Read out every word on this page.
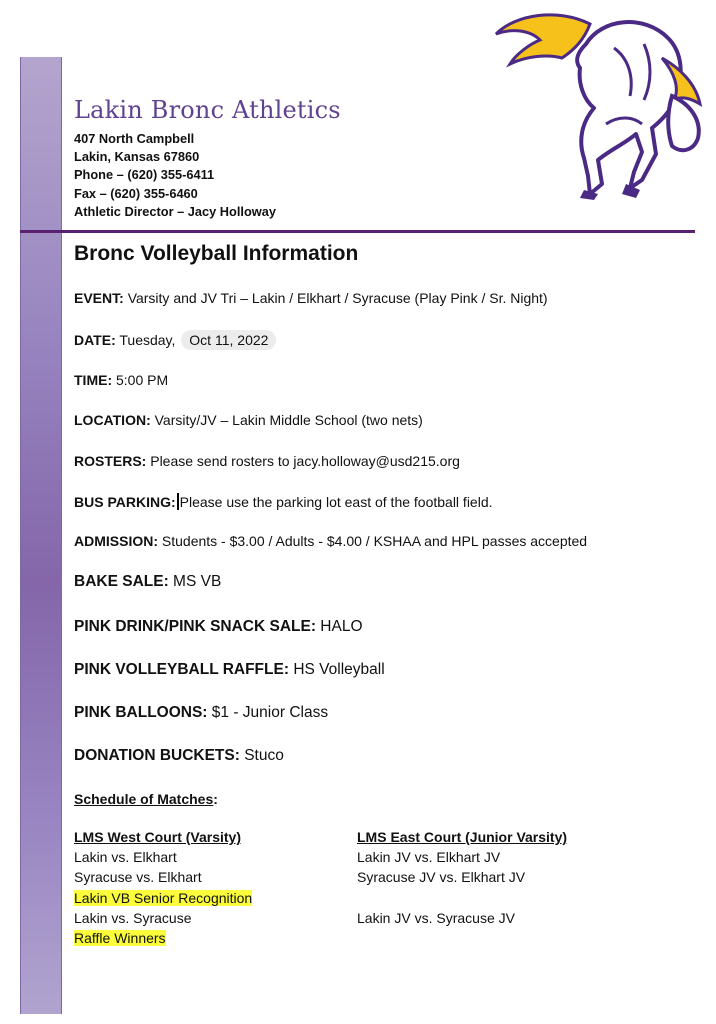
Lakin Bronc Athletics
407 North Campbell
Lakin, Kansas 67860
Phone – (620) 355-6411
Fax – (620) 355-6460
Athletic Director – Jacy Holloway
Bronc Volleyball Information
EVENT: Varsity and JV Tri – Lakin / Elkhart / Syracuse (Play Pink / Sr. Night)
DATE: Tuesday, Oct 11, 2022
TIME: 5:00 PM
LOCATION: Varsity/JV – Lakin Middle School (two nets)
ROSTERS: Please send rosters to jacy.holloway@usd215.org
BUS PARKING: Please use the parking lot east of the football field.
ADMISSION: Students - $3.00 / Adults - $4.00 / KSHAA and HPL passes accepted
BAKE SALE: MS VB
PINK DRINK/PINK SNACK SALE: HALO
PINK VOLLEYBALL RAFFLE: HS Volleyball
PINK BALLOONS: $1 - Junior Class
DONATION BUCKETS: Stuco
Schedule of Matches:
LMS West Court (Varsity)
Lakin vs. Elkhart
Syracuse vs. Elkhart
Lakin VB Senior Recognition
Lakin vs. Syracuse
Raffle Winners
LMS East Court (Junior Varsity)
Lakin JV vs. Elkhart JV
Syracuse JV vs. Elkhart JV
Lakin JV vs. Syracuse JV
